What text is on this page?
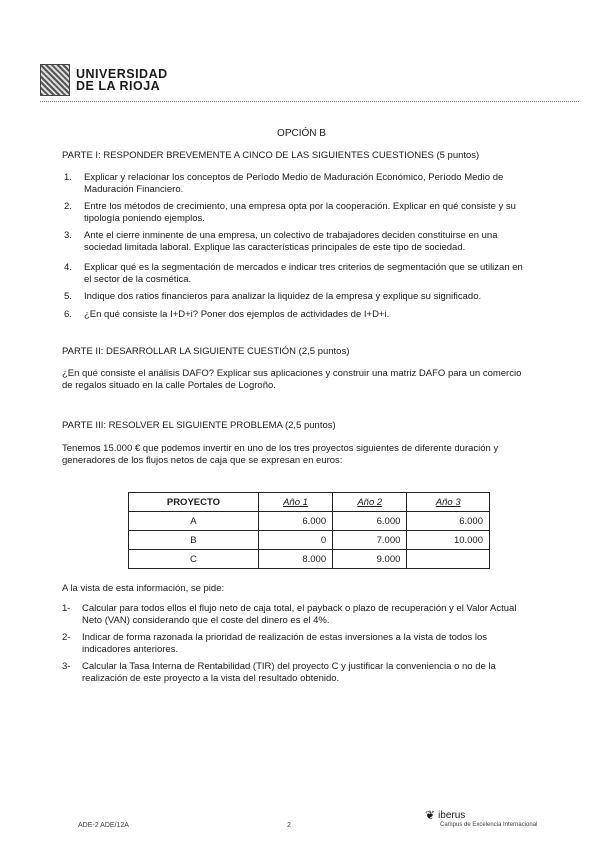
UNIVERSIDAD
DE LA RIOJA
OPCIÓN B
PARTE I: RESPONDER BREVEMENTE A CINCO DE LAS SIGUIENTES CUESTIONES (5 puntos)
1. Explicar y relacionar los conceptos de Período Medio de Maduración Económico, Período Medio de Maduración Financiero.
2. Entre los métodos de crecimiento, una empresa opta por la cooperación. Explicar en qué consiste y su tipología poniendo ejemplos.
3. Ante el cierre inminente de una empresa, un colectivo de trabajadores deciden constituirse en una sociedad limitada laboral. Explique las características principales de este tipo de sociedad.
4. Explicar qué es la segmentación de mercados e indicar tres criterios de segmentación que se utilizan en el sector de la cosmética.
5. Indique dos ratios financieros para analizar la liquidez de la empresa y explique su significado.
6. ¿En qué consiste la I+D+i? Poner dos ejemplos de actividades de I+D+i.
PARTE II: DESARROLLAR LA SIGUIENTE CUESTIÓN (2,5 puntos)
¿En qué consiste el análisis DAFO? Explicar sus aplicaciones y construir una matriz DAFO para un comercio de regalos situado en la calle Portales de Logroño.
PARTE III: RESOLVER EL SIGUIENTE PROBLEMA (2,5 puntos)
Tenemos 15.000 € que podemos invertir en uno de los tres proyectos siguientes de diferente duración y generadores de los flujos netos de caja que se expresan en euros:
PROYECTO	Año 1	Año 2	Año 3
A	6.000	6.000	6.000
B	0	7.000	10.000
C	8.000	9.000	
A la vista de esta información, se pide:
1- Calcular para todos ellos el flujo neto de caja total, el payback o plazo de recuperación y el Valor Actual Neto (VAN) considerando que el coste del dinero es el 4%.
2- Indicar de forma razonada la prioridad de realización de estas inversiones a la vista de todos los indicadores anteriores.
3- Calcular la Tasa Interna de Rentabilidad (TIR) del proyecto C y justificar la conveniencia o no de la realización de este proyecto a la vista del resultado obtenido.
ADE-2 ADE/12A	2
❦ iberus
Campus de Excelencia Internacional
